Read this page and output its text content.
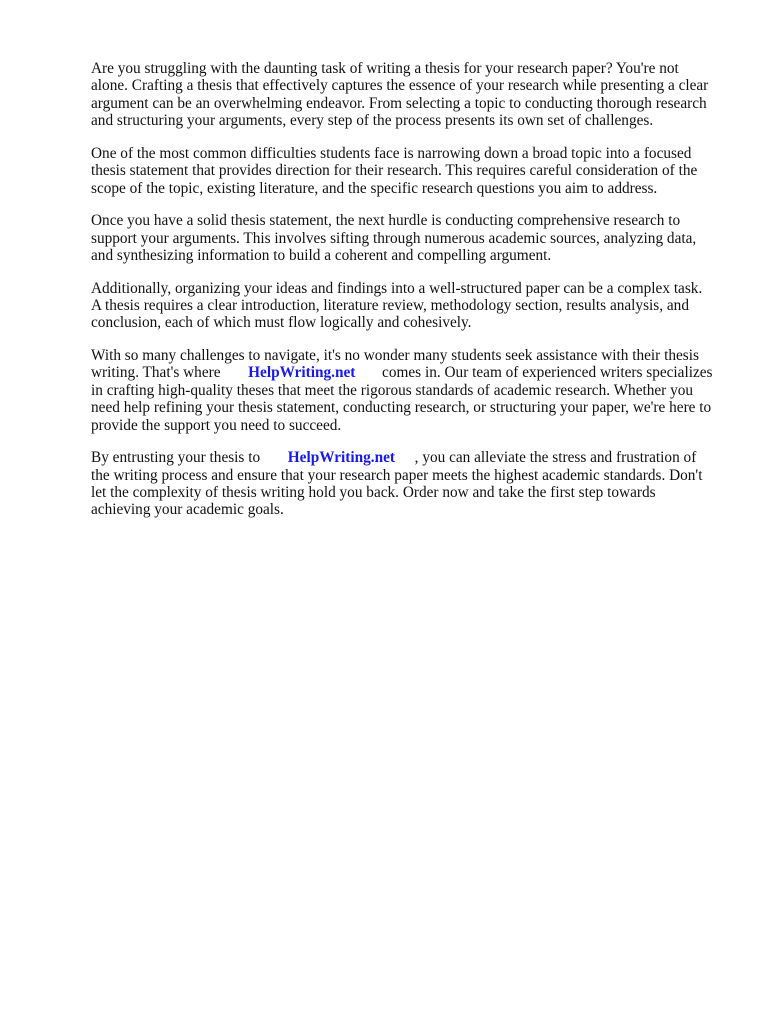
Are you struggling with the daunting task of writing a thesis for your research paper? You're not
alone. Crafting a thesis that effectively captures the essence of your research while presenting a clear
argument can be an overwhelming endeavor. From selecting a topic to conducting thorough research
and structuring your arguments, every step of the process presents its own set of challenges.

One of the most common difficulties students face is narrowing down a broad topic into a focused
thesis statement that provides direction for their research. This requires careful consideration of the
scope of the topic, existing literature, and the specific research questions you aim to address.

Once you have a solid thesis statement, the next hurdle is conducting comprehensive research to
support your arguments. This involves sifting through numerous academic sources, analyzing data,
and synthesizing information to build a coherent and compelling argument.

Additionally, organizing your ideas and findings into a well-structured paper can be a complex task.
A thesis requires a clear introduction, literature review, methodology section, results analysis, and
conclusion, each of which must flow logically and cohesively.

With so many challenges to navigate, it's no wonder many students seek assistance with their thesis
writing. That's where HelpWriting.net comes in. Our team of experienced writers specializes
in crafting high-quality theses that meet the rigorous standards of academic research. Whether you
need help refining your thesis statement, conducting research, or structuring your paper, we're here to
provide the support you need to succeed.

By entrusting your thesis to HelpWriting.net , you can alleviate the stress and frustration of
the writing process and ensure that your research paper meets the highest academic standards. Don't
let the complexity of thesis writing hold you back. Order now and take the first step towards
achieving your academic goals.
